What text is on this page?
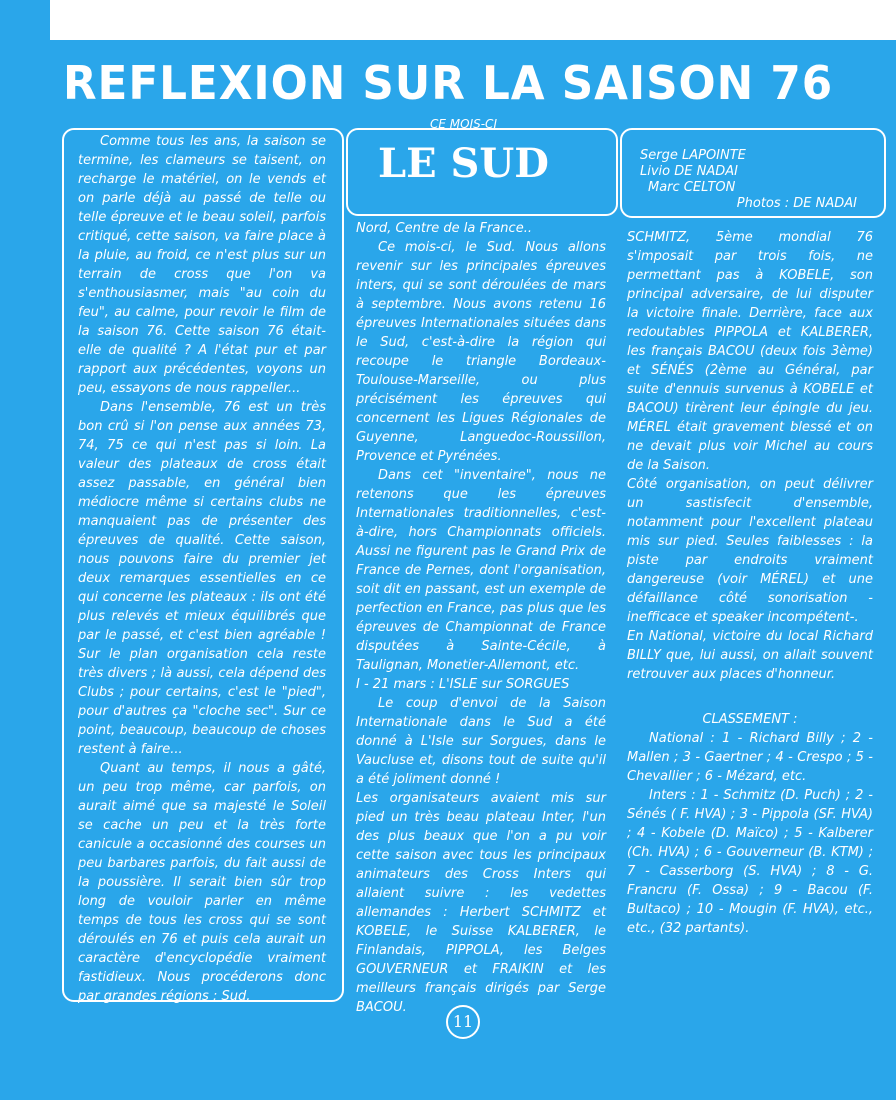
REFLEXION SUR LA SAISON 76
CE MOIS-CI
LE SUD

Comme tous les ans, la saison se termine, les clameurs se taisent, on recharge le matériel, on le vends et on parle déjà au passé de telle ou telle épreuve et le beau soleil, parfois critiqué, cette saison, va faire place à la pluie, au froid, ce n'est plus sur un terrain de cross que l'on va s'enthousiasmer, mais "au coin du feu", au calme, pour revoir le film de la saison 76. Cette saison 76 était-elle de qualité ? A l'état pur et par rapport aux précédentes, voyons un peu, essayons de nous rappeller...

Dans l'ensemble, 76 est un très bon crû si l'on pense aux années 73, 74, 75 ce qui n'est pas si loin. La valeur des plateaux de cross était assez passable, en général bien médiocre même si certains clubs ne manquaient pas de présenter des épreuves de qualité. Cette saison, nous pouvons faire du premier jet deux remarques essentielles en ce qui concerne les plateaux : ils ont été plus relevés et mieux équilibrés que par le passé, et c'est bien agréable ! Sur le plan organisation cela reste très divers ; là aussi, cela dépend des Clubs ; pour certains, c'est le "pied", pour d'autres ça "cloche sec". Sur ce point, beaucoup, beaucoup de choses restent à faire...

Quant au temps, il nous a gâté, un peu trop même, car parfois, on aurait aimé que sa majesté le Soleil se cache un peu et la très forte canicule a occasionné des courses un peu barbares parfois, du fait aussi de la poussière. Il serait bien sûr trop long de vouloir parler en même temps de tous les cross qui se sont déroulés en 76 et puis cela aurait un caractère d'encyclopédie vraiment fastidieux. Nous procéderons donc par grandes régions : Sud,

Nord, Centre de la France..

Ce mois-ci, le Sud. Nous allons revenir sur les principales épreuves inters, qui se sont déroulées de mars à septembre. Nous avons retenu 16 épreuves Internationales situées dans le Sud, c'est-à-dire la région qui recoupe le triangle Bordeaux-Toulouse-Marseille, ou plus précisément les épreuves qui concernent les Ligues Régionales de Guyenne, Languedoc-Roussillon, Provence et Pyrénées.

Dans cet "inventaire", nous ne retenons que les épreuves Internationales traditionnelles, c'est-à-dire, hors Championnats officiels. Aussi ne figurent pas le Grand Prix de France de Pernes, dont l'organisation, soit dit en passant, est un exemple de perfection en France, pas plus que les épreuves de Championnat de France disputées à Sainte-Cécile, à Taulignan, Monetier-Allemont, etc.

I - 21 mars : L'ISLE sur SORGUES

Le coup d'envoi de la Saison Internationale dans le Sud a été donné à L'Isle sur Sorgues, dans le Vaucluse et, disons tout de suite qu'il a été joliment donné !

Les organisateurs avaient mis sur pied un très beau plateau Inter, l'un des plus beaux que l'on a pu voir cette saison avec tous les principaux animateurs des Cross Inters qui allaient suivre : les vedettes allemandes : Herbert SCHMITZ et KOBELE, le Suisse KALBERER, le Finlandais, PIPPOLA, les Belges GOUVERNEUR et FRAIKIN et les meilleurs français dirigés par Serge BACOU.

Serge LAPOINTE
Livio DE NADAI
Marc CELTON
Photos : DE NADAI

SCHMITZ, 5ème mondial 76 s'imposait par trois fois, ne permettant pas à KOBELE, son principal adversaire, de lui disputer la victoire finale. Derrière, face aux redoutables PIPPOLA et KALBERER, les français BACOU (deux fois 3ème) et SÉNÉS (2ème au Général, par suite d'ennuis survenus à KOBELE et BACOU) tirèrent leur épingle du jeu. MÉREL était gravement blessé et on ne devait plus voir Michel au cours de la Saison.

Côté organisation, on peut délivrer un sastisfecit d'ensemble, notamment pour l'excellent plateau mis sur pied. Seules faiblesses : la piste par endroits vraiment dangereuse (voir MÉREL) et une défaillance côté sonorisation -inefficace et speaker incompétent-.

En National, victoire du local Richard BILLY que, lui aussi, on allait souvent retrouver aux places d'honneur.

CLASSEMENT :

National : 1 - Richard Billy ; 2 - Mallen ; 3 - Gaertner ; 4 - Crespo ; 5 - Chevallier ; 6 - Mézard, etc.

Inters : 1 - Schmitz (D. Puch) ; 2 - Sénés ( F. HVA) ; 3 - Pippola (SF. HVA) ; 4 - Kobele (D. Maïco) ; 5 - Kalberer (Ch. HVA) ; 6 - Gouverneur (B. KTM) ; 7 - Casserborg (S. HVA) ; 8 - G. Francru (F. Ossa) ; 9 - Bacou (F. Bultaco) ; 10 - Mougin (F. HVA), etc., etc., (32 partants).

11
